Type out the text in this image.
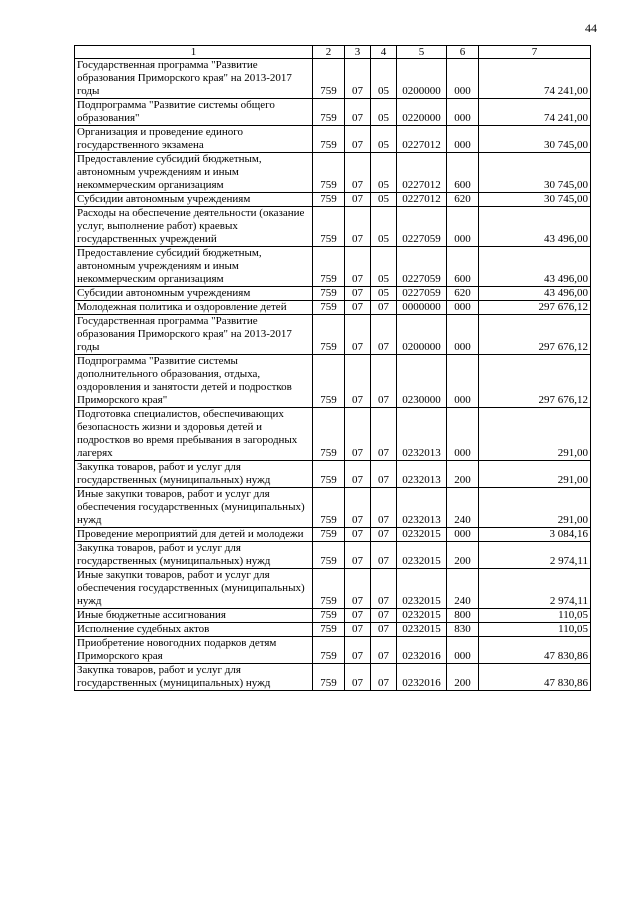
44
1	2	3	4	5	6	7
Государственная программа "Развитие образования Приморского края" на 2013-2017 годы	759	07	05	0200000	000	74 241,00
Подпрограмма "Развитие системы общего образования"	759	07	05	0220000	000	74 241,00
Организация и проведение единого государственного экзамена	759	07	05	0227012	000	30 745,00
Предоставление субсидий бюджетным, автономным учреждениям и иным некоммерческим организациям	759	07	05	0227012	600	30 745,00
Субсидии автономным учреждениям	759	07	05	0227012	620	30 745,00
Расходы на обеспечение деятельности (оказание услуг, выполнение работ) краевых государственных учреждений	759	07	05	0227059	000	43 496,00
Предоставление субсидий бюджетным, автономным учреждениям и иным некоммерческим организациям	759	07	05	0227059	600	43 496,00
Субсидии автономным учреждениям	759	07	05	0227059	620	43 496,00
Молодежная политика и оздоровление детей	759	07	07	0000000	000	297 676,12
Государственная программа "Развитие образования Приморского края" на 2013-2017 годы	759	07	07	0200000	000	297 676,12
Подпрограмма "Развитие системы дополнительного образования, отдыха, оздоровления и занятости детей и подростков Приморского края"	759	07	07	0230000	000	297 676,12
Подготовка специалистов, обеспечивающих безопасность жизни и здоровья детей и подростков во время пребывания в загородных лагерях	759	07	07	0232013	000	291,00
Закупка товаров, работ и услуг для государственных (муниципальных) нужд	759	07	07	0232013	200	291,00
Иные закупки товаров, работ и услуг для обеспечения государственных (муниципальных) нужд	759	07	07	0232013	240	291,00
Проведение мероприятий для детей и молодежи	759	07	07	0232015	000	3 084,16
Закупка товаров, работ и услуг для государственных (муниципальных) нужд	759	07	07	0232015	200	2 974,11
Иные закупки товаров, работ и услуг для обеспечения государственных (муниципальных) нужд	759	07	07	0232015	240	2 974,11
Иные бюджетные ассигнования	759	07	07	0232015	800	110,05
Исполнение судебных актов	759	07	07	0232015	830	110,05
Приобретение новогодних подарков детям Приморского края	759	07	07	0232016	000	47 830,86
Закупка товаров, работ и услуг для государственных (муниципальных) нужд	759	07	07	0232016	200	47 830,86
